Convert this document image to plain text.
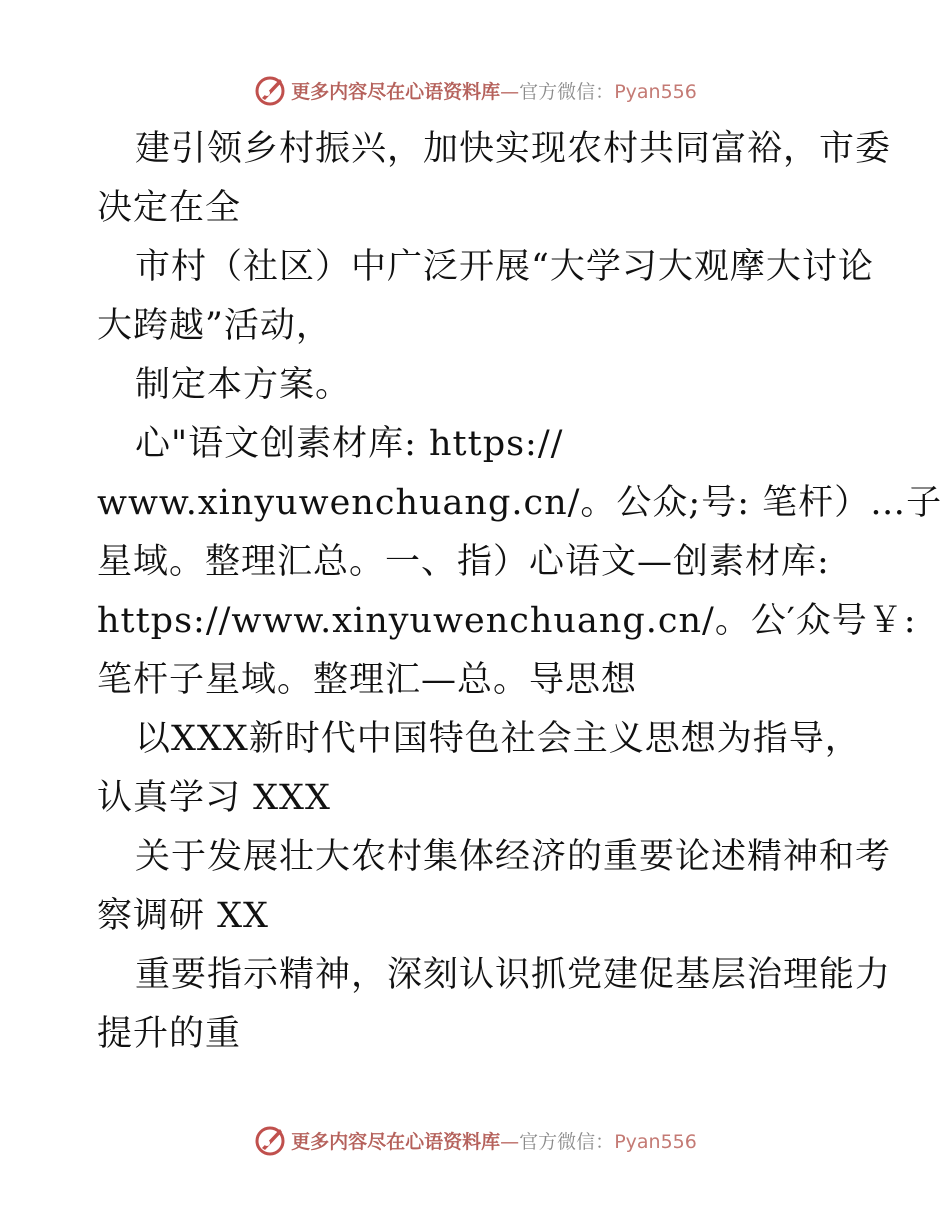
更多内容尽在心语资料库—官方微信：Pyan556

建引领乡村振兴，加快实现农村共同富裕，市委

决定在全

市村（社区）中广泛开展“大学习大观摩大讨论

大跨越”活动，

制定本方案。

心"语文创素材库: https://

www.xinyuwenchuang.cn/。公众;号: 笔杆）…子

星域。整理汇总。一、指）心语文—创素材库:

https://www.xinyuwenchuang.cn/。公′众号￥:

笔杆子星域。整理汇—总。导思想

以XXX新时代中国特色社会主义思想为指导，

认真学习 XXX

关于发展壮大农村集体经济的重要论述精神和考

察调研 XX

重要指示精神，深刻认识抓党建促基层治理能力

提升的重

更多内容尽在心语资料库—官方微信：Pyan556
